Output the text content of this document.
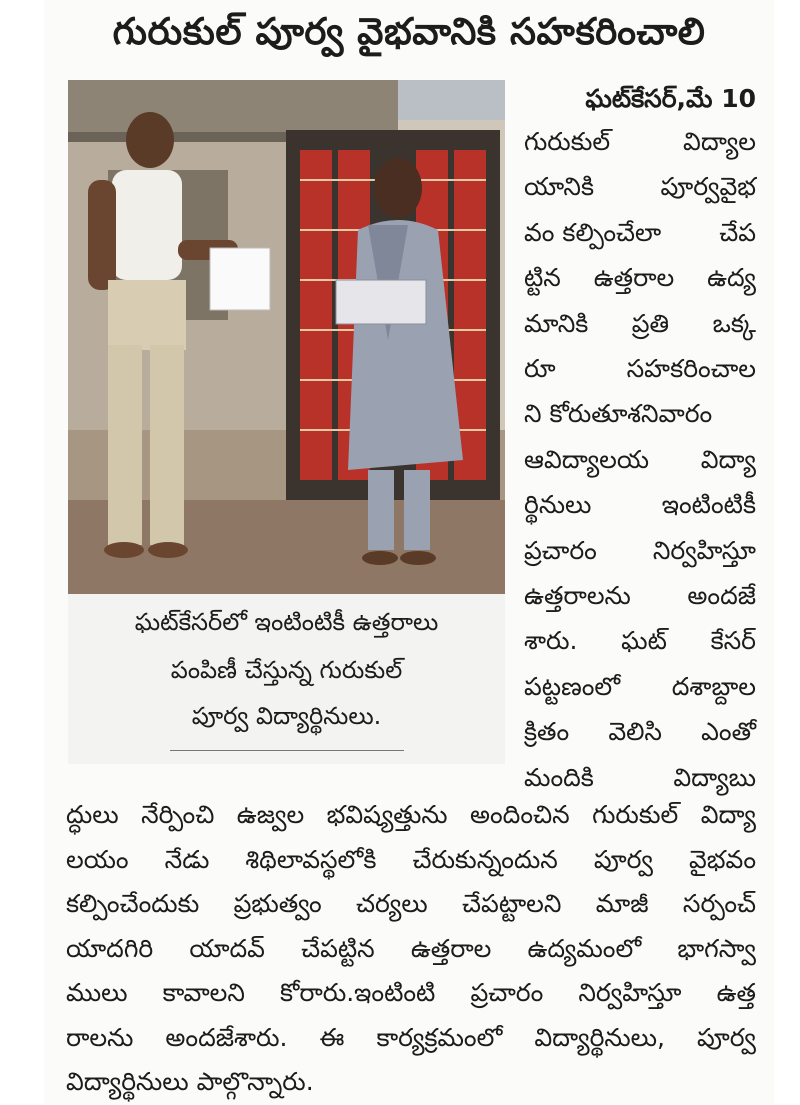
గురుకుల్ పూర్వ వైభవానికి సహకరించాలి
ఘట్‌కేసర్‌లో ఇంటింటికీ ఉత్తరాలు
పంపిణీ చేస్తున్న గురుకుల్
పూర్వ విద్యార్థినులు.
ఘట్‌కేసర్,మే 10
గురుకుల్	విద్యాల
యానికి	పూర్వవైభ
వం కల్పించేలా చేప
ట్టిన ఉత్తరాల ఉద్య
మానికి ప్రతి ఒక్క
రూ	సహకరించాల
ని కోరుతూశనివారం
ఆవిద్యాలయ విద్యా
ర్థినులు	ఇంటింటికీ
ప్రచారం నిర్వహిస్తూ
ఉత్తరాలను అందజే
శారు. ఘట్ కేసర్
పట్టణంలో దశాబ్దాల
క్రితం వెలిసి ఎంతో
మందికి	విద్యాబు
ద్ధులు నేర్పించి ఉజ్వల భవిష్యత్తును అందించిన గురుకుల్ విద్యా
లయం నేడు శిథిలావస్థలోకి చేరుకున్నందున పూర్వ వైభవం
కల్పించేందుకు ప్రభుత్వం చర్యలు చేపట్టాలని మాజీ సర్పంచ్
యాదగిరి యాదవ్ చేపట్టిన ఉత్తరాల ఉద్యమంలో భాగస్వా
ములు కావాలని కోరారు.ఇంటింటి ప్రచారం నిర్వహిస్తూ ఉత్త
రాలను అందజేశారు. ఈ కార్యక్రమంలో విద్యార్థినులు, పూర్వ
విద్యార్థినులు పాల్గొన్నారు.
